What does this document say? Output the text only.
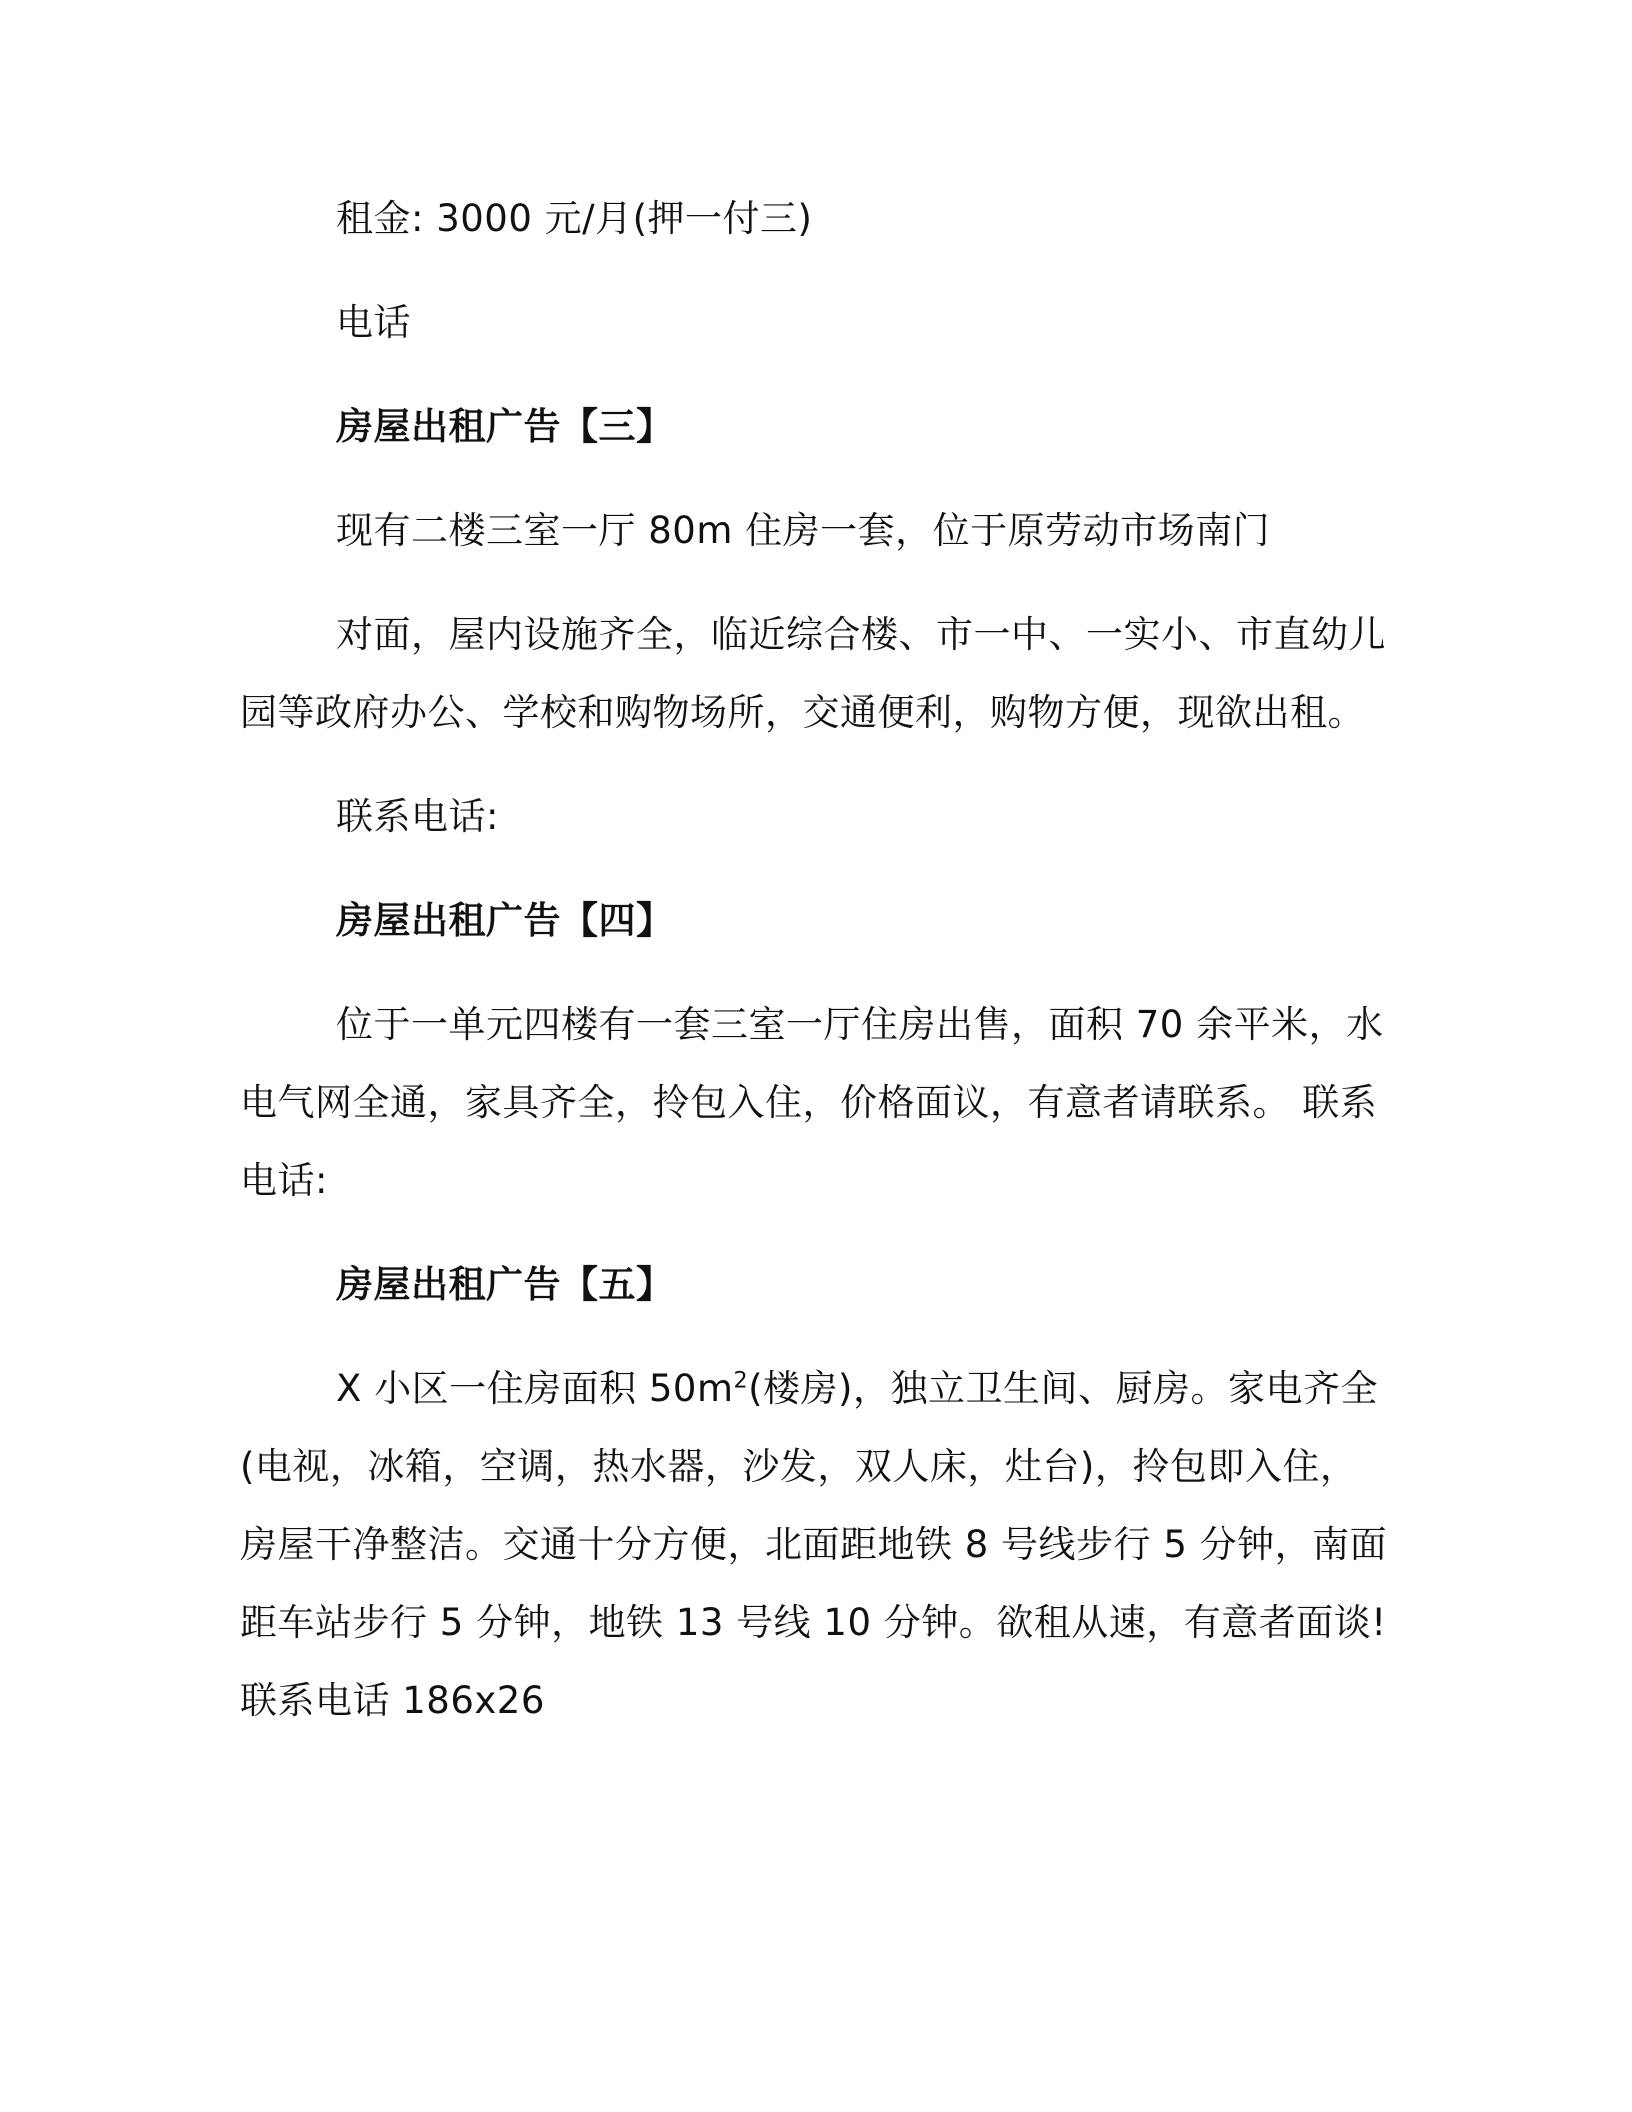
租金: 3000 元/月(押一付三)

电话

房屋出租广告【三】

现有二楼三室一厅 80m 住房一套，位于原劳动市场南门

对面，屋内设施齐全，临近综合楼、市一中、一实小、市直幼儿园等政府办公、学校和购物场所，交通便利，购物方便，现欲出租。

联系电话:

房屋出租广告【四】

位于一单元四楼有一套三室一厅住房出售，面积 70 余平米，水电气网全通，家具齐全，拎包入住，价格面议，有意者请联系。 联系电话:

房屋出租广告【五】

X 小区一住房面积 $50m^2$(楼房)，独立卫生间、厨房。家电齐全(电视，冰箱，空调，热水器，沙发，双人床，灶台)，拎包即入住，房屋干净整洁。交通十分方便，北面距地铁 8 号线步行 5 分钟，南面距车站步行 5 分钟，地铁 13 号线 10 分钟。欲租从速，有意者面谈!联系电话 186x26
